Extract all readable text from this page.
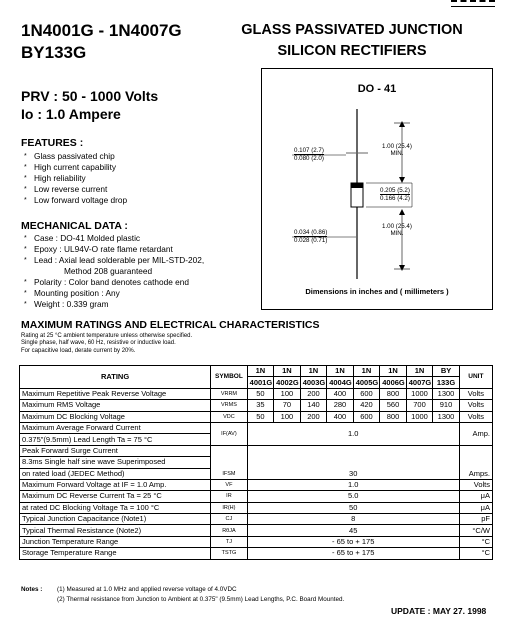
1N4001G - 1N4007G
BY133G
GLASS PASSIVATED JUNCTION
SILICON RECTIFIERS
PRV : 50 - 1000 Volts
Io : 1.0 Ampere
FEATURES :
* Glass passivated chip
* High current capability
* High reliability
* Low reverse current
* Low forward voltage drop
MECHANICAL DATA :
* Case : DO-41 Molded plastic
* Epoxy : UL94V-O rate flame retardant
* Lead : Axial lead solderable per MIL-STD-202,
Method 208 guaranteed
* Polarity : Color band denotes cathode end
* Mounting position : Any
* Weight : 0.339 gram
DO - 41
0.107 (2.7)
0.080 (2.0)
1.00 (25.4)
MIN.
0.205 (5.2)
0.166 (4.2)
0.034 (0.86)
0.028 (0.71)
1.00 (25.4)
MIN.
Dimensions in inches and ( millimeters )
MAXIMUM RATINGS AND ELECTRICAL CHARACTERISTICS
Rating at 25 °C ambient temperature unless otherwise specified.
Single phase, half wave, 60 Hz, resistive or inductive load.
For capacitive load, derate current by 20%.
RATING	SYMBOL	1N	1N	1N	1N	1N	1N	1N	BY	UNIT
		4001G	4002G	4003G	4004G	4005G	4006G	4007G	133G	
Maximum Repetitive Peak Reverse Voltage	VRRM	50	100	200	400	600	800	1000	1300	Volts
Maximum RMS Voltage	VRMS	35	70	140	280	420	560	700	910	Volts
Maximum DC Blocking Voltage	VDC	50	100	200	400	600	800	1000	1300	Volts
Maximum Average Forward Current	IF(AV)	1.0								Amp.
0.375"(9.5mm) Lead Length Ta = 75 °C										
Peak Forward Surge Current	IFSM	30								Amps.
8.3ms Single half sine wave Superimposed										
on rated load (JEDEC Method)										
Maximum Forward Voltage at IF = 1.0 Amp.	VF	1.0								Volts
Maximum DC Reverse Current Ta = 25 °C	IR	5.0								μA
at rated DC Blocking Voltage Ta = 100 °C	IR(H)	50								μA
Typical Junction Capacitance (Note1)	CJ	8								pF
Typical Thermal Resistance (Note2)	RθJA	45								°C/W
Junction Temperature Range	TJ	- 65 to + 175								°C
Storage Temperature Range	TSTG	- 65 to + 175								°C
Notes : (1) Measured at 1.0 MHz and applied reverse voltage of 4.0VDC
(2) Thermal resistance from Junction to Ambient at 0.375" (9.5mm) Lead Lengths, P.C. Board Mounted.
UPDATE : MAY 27. 1998
